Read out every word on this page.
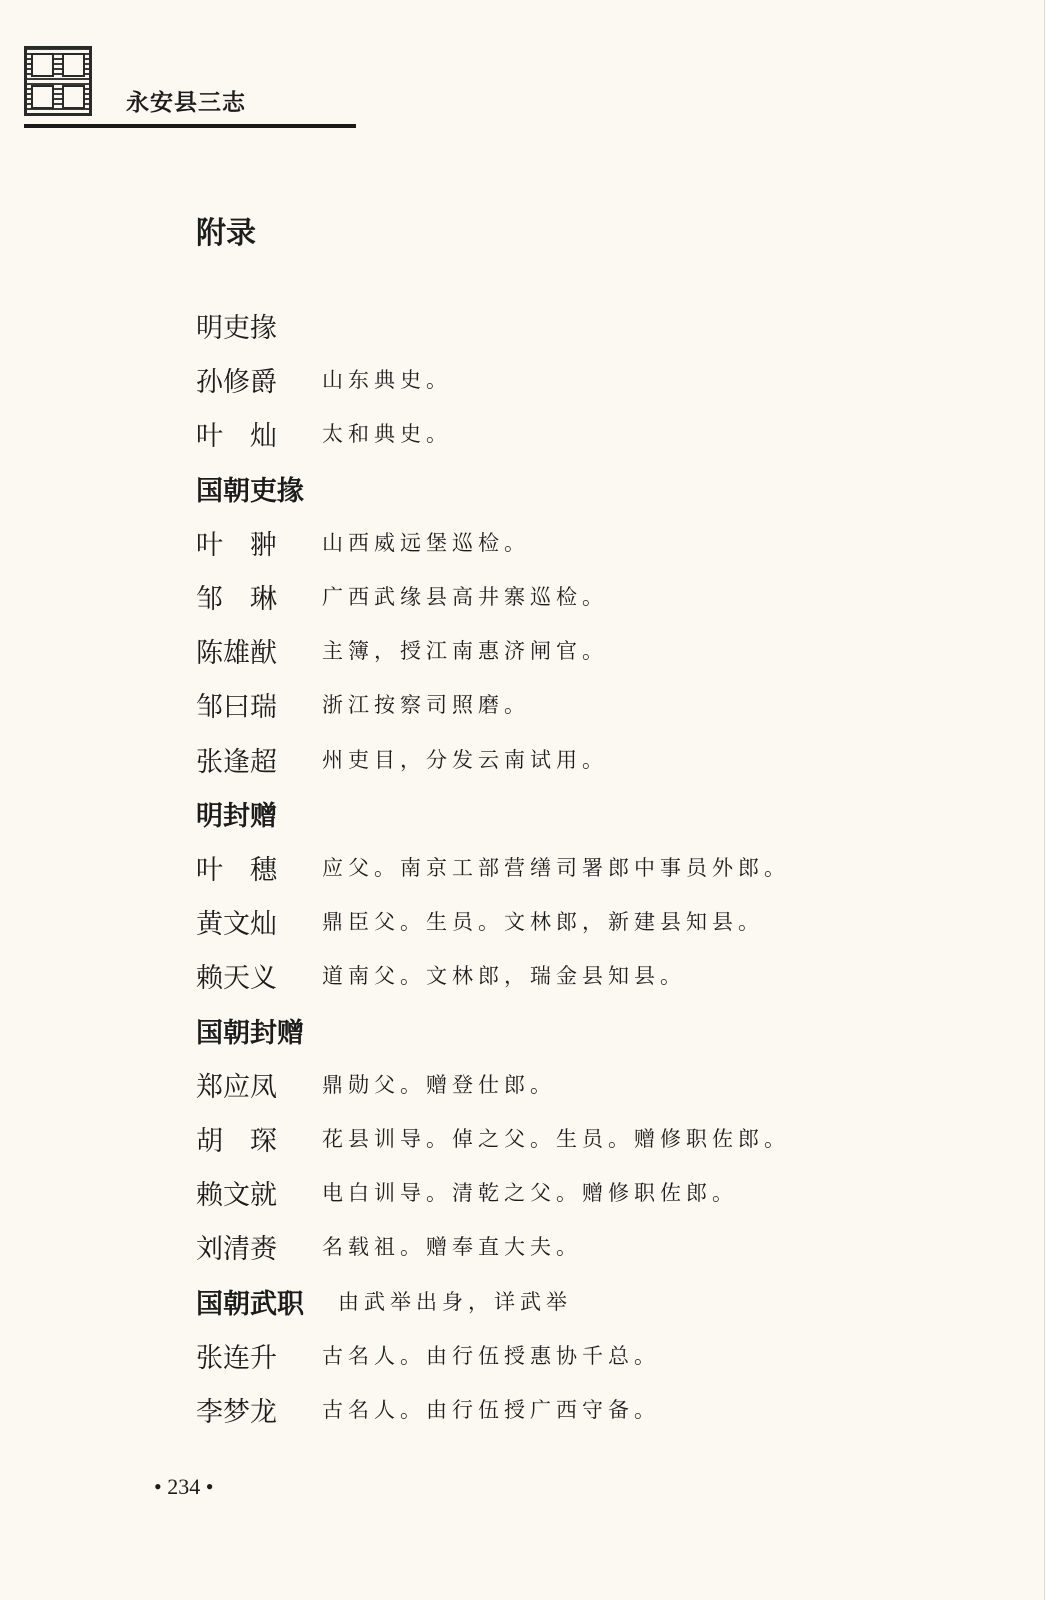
永安县三志
附录
明吏掾
孙修爵	山东典史。
叶　灿	太和典史。
国朝吏掾
叶　翀	山西威远堡巡检。
邹　琳	广西武缘县高井寨巡检。
陈雄猷	主簿，授江南惠济闸官。
邹曰瑞	浙江按察司照磨。
张逢超	州吏目，分发云南试用。
明封赠
叶　穗	应父。南京工部营缮司署郎中事员外郎。
黄文灿	鼎臣父。生员。文林郎，新建县知县。
赖天义	道南父。文林郎，瑞金县知县。
国朝封赠
郑应凤	鼎勋父。赠登仕郎。
胡　琛	花县训导。倬之父。生员。赠修职佐郎。
赖文就	电白训导。清乾之父。赠修职佐郎。
刘清赉	名载祖。赠奉直大夫。
国朝武职 由武举出身，详武举
张连升	古名人。由行伍授惠协千总。
李梦龙	古名人。由行伍授广西守备。
• 234 •
